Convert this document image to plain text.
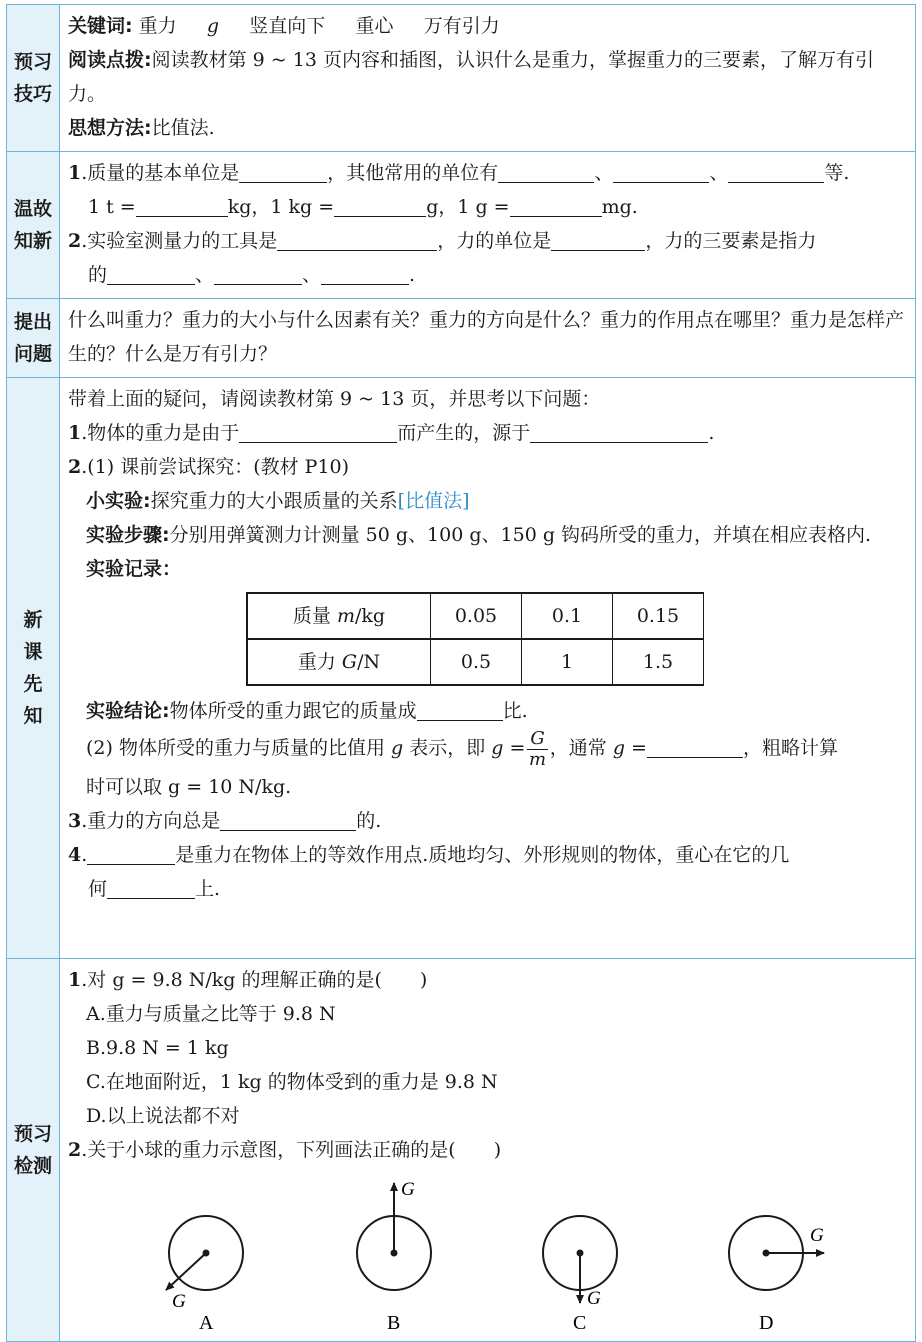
预习技巧

关键词: 重力 g 竖直向下 重心 万有引力
阅读点拨:阅读教材第 9 ~ 13 页内容和插图，认识什么是重力，掌握重力的三要素，了解万有引力。
思想方法:比值法.

温故知新

1.质量的基本单位是	，其他常用的单位有	、	、	等.
1 t =	kg，1 kg =	g，1 g =	mg.
2.实验室测量力的工具是	，力的单位是	，力的三要素是指力
的	、	、	.

提出问题

什么叫重力？重力的大小与什么因素有关？重力的方向是什么？重力的作用点在哪里？重力是怎样产生的？什么是万有引力？

新课先知

带着上面的疑问，请阅读教材第 9 ~ 13 页，并思考以下问题：
1.物体的重力是由于	而产生的，源于	.
2.(1) 课前尝试探究：(教材 P10)
小实验:探究重力的大小跟质量的关系[比值法]
实验步骤:分别用弹簧测力计测量 50 g、100 g、150 g 钩码所受的重力，并填在相应表格内.
实验记录：
质量 m/kg	0.05	0.1	0.15
重力 G/N	0.5	1	1.5
实验结论:物体所受的重力跟它的质量成	比.
(2) 物体所受的重力与质量的比值用 g 表示，即 $g = \frac{G}{m}$ ，通常 g =	，粗略计算
时可以取 g = 10 N/kg.
3.重力的方向总是	的.
4.	是重力在物体上的等效作用点.质地均匀、外形规则的物体，重心在它的几
何	上.

预习检测

1.对 g = 9.8 N/kg 的理解正确的是(　　)
A.重力与质量之比等于 9.8 N
B.9.8 N = 1 kg
C.在地面附近，1 kg 的物体受到的重力是 9.8 N
D.以上说法都不对
2.关于小球的重力示意图，下列画法正确的是(　　)
G
A
G
B
G
C
G
D
